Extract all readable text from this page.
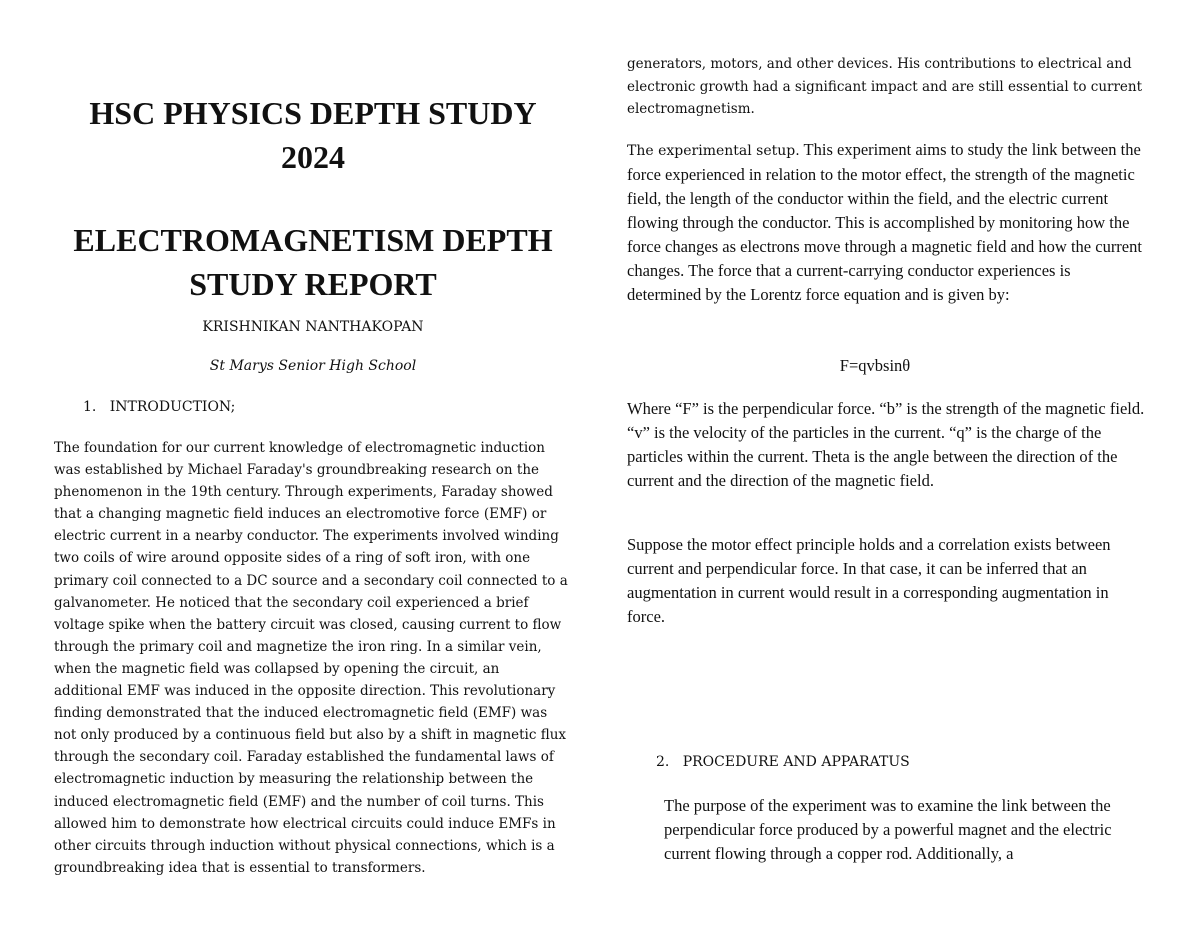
HSC PHYSICS DEPTH STUDY

2024

ELECTROMAGNETISM DEPTH

STUDY REPORT

KRISHNIKAN NANTHAKOPAN
St Marys Senior High School
1.   INTRODUCTION;

The foundation for our current knowledge of electromagnetic induction was established by Michael Faraday's groundbreaking research on the phenomenon in the 19th century. Through experiments, Faraday showed that a changing magnetic field induces an electromotive force (EMF) or electric current in a nearby conductor. The experiments involved winding two coils of wire around opposite sides of a ring of soft iron, with one primary coil connected to a DC source and a secondary coil connected to a galvanometer. He noticed that the secondary coil experienced a brief voltage spike when the battery circuit was closed, causing current to flow through the primary coil and magnetize the iron ring. In a similar vein, when the magnetic field was collapsed by opening the circuit, an additional EMF was induced in the opposite direction. This revolutionary finding demonstrated that the induced electromagnetic field (EMF) was not only produced by a continuous field but also by a shift in magnetic flux through the secondary coil. Faraday established the fundamental laws of electromagnetic induction by measuring the relationship between the induced electromagnetic field (EMF) and the number of coil turns. This allowed him to demonstrate how electrical circuits could induce EMFs in other circuits through induction without physical connections, which is a groundbreaking idea that is essential to transformers.

generators, motors, and other devices. His contributions to electrical and electronic growth had a significant impact and are still essential to current electromagnetism.

The experimental setup. This experiment aims to study the link between the force experienced in relation to the motor effect, the strength of the magnetic field, the length of the conductor within the field, and the electric current flowing through the conductor. This is accomplished by monitoring how the force changes as electrons move through a magnetic field and how the current changes. The force that a current-carrying conductor experiences is determined by the Lorentz force equation and is given by:

F=qvbsinθ

Where “F” is the perpendicular force. “b” is the strength of the magnetic field. “v” is the velocity of the particles in the current. “q” is the charge of the particles within the current. Theta is the angle between the direction of the current and the direction of the magnetic field.

Suppose the motor effect principle holds and a correlation exists between current and perpendicular force. In that case, it can be inferred that an augmentation in current would result in a corresponding augmentation in force.

2.   PROCEDURE AND APPARATUS

The purpose of the experiment was to examine the link between the perpendicular force produced by a powerful magnet and the electric current flowing through a copper rod. Additionally, a
